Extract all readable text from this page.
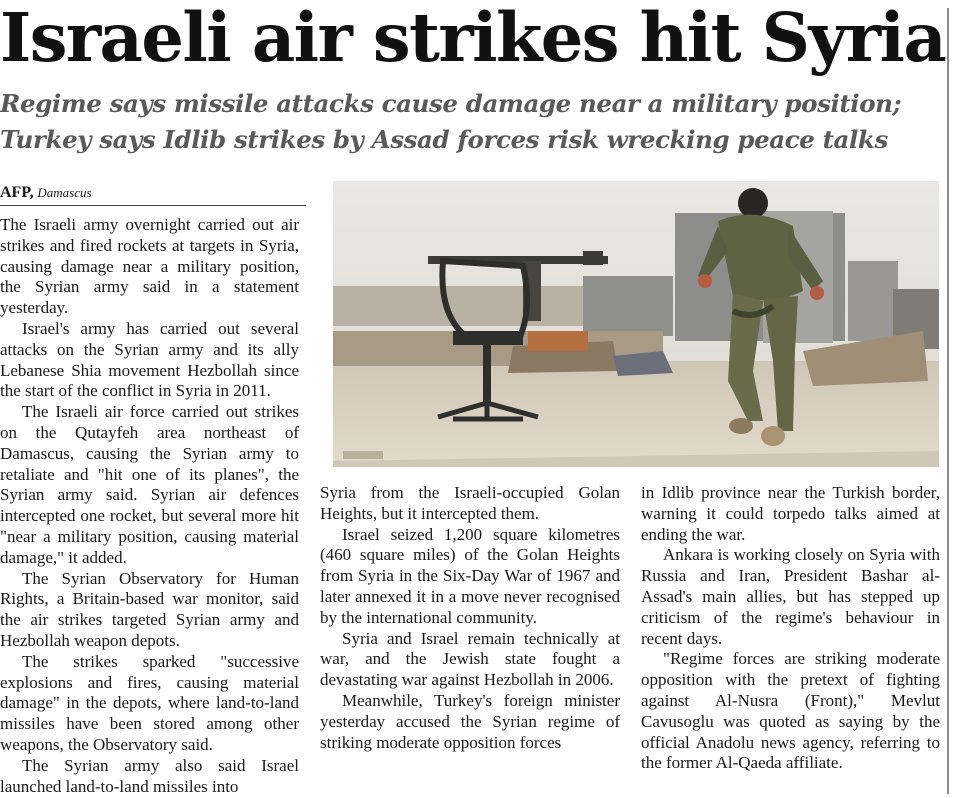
Israeli air strikes hit Syria
Regime says missile attacks cause damage near a military position;
Turkey says Idlib strikes by Assad forces risk wrecking peace talks
AFP, Damascus

The Israeli army overnight carried out air strikes and fired rockets at targets in Syria, causing damage near a military position, the Syrian army said in a statement yesterday.

Israel's army has carried out several attacks on the Syrian army and its ally Lebanese Shia movement Hezbollah since the start of the conflict in Syria in 2011.

The Israeli air force carried out strikes on the Qutayfeh area northeast of Damascus, causing the Syrian army to retaliate and "hit one of its planes", the Syrian army said. Syrian air defences intercepted one rocket, but several more hit "near a military position, causing material damage," it added.

The Syrian Observatory for Human Rights, a Britain-based war monitor, said the air strikes targeted Syrian army and Hezbollah weapon depots.

The strikes sparked "successive explosions and fires, causing material damage" in the depots, where land-to-land missiles have been stored among other weapons, the Observatory said.

The Syrian army also said Israel launched land-to-land missiles into

Syria from the Israeli-occupied Golan Heights, but it intercepted them.

Israel seized 1,200 square kilometres (460 square miles) of the Golan Heights from Syria in the Six-Day War of 1967 and later annexed it in a move never recognised by the international community.

Syria and Israel remain technically at war, and the Jewish state fought a devastating war against Hezbollah in 2006.

Meanwhile, Turkey's foreign minister yesterday accused the Syrian regime of striking moderate opposition forces

in Idlib province near the Turkish border, warning it could torpedo talks aimed at ending the war.

Ankara is working closely on Syria with Russia and Iran, President Bashar al-Assad's main allies, but has stepped up criticism of the regime's behaviour in recent days.

"Regime forces are striking moderate opposition with the pretext of fighting against Al-Nusra (Front)," Mevlut Cavusoglu was quoted as saying by the official Anadolu news agency, referring to the former Al-Qaeda affiliate.
